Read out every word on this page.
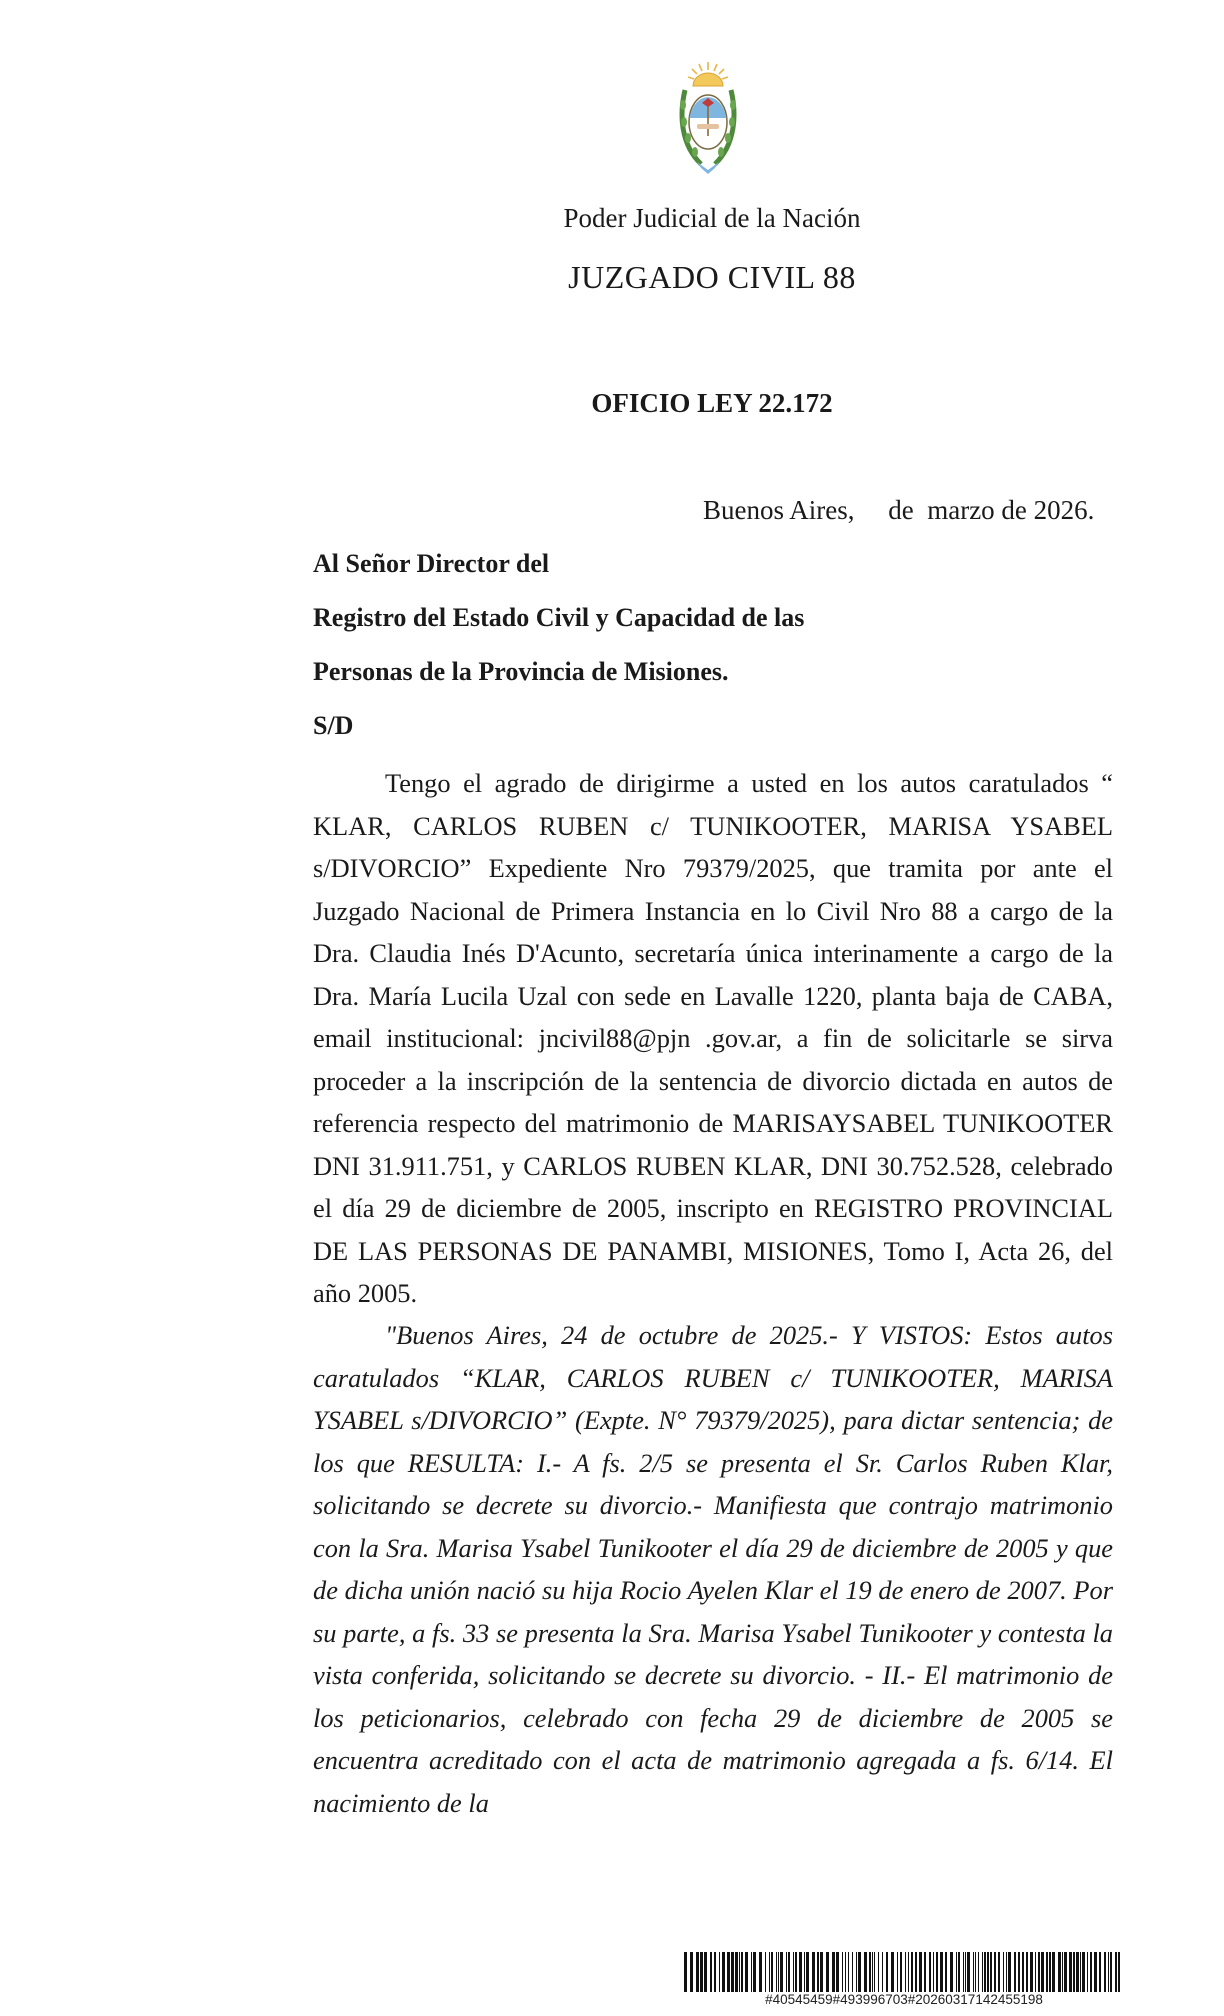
Poder Judicial de la Nación
JUZGADO CIVIL 88
OFICIO LEY 22.172
Buenos Aires,     de  marzo de 2026.
Al Señor Director del
Registro del Estado Civil y Capacidad de las
Personas de la Provincia de Misiones.
S/D

Tengo el agrado de dirigirme a usted en los autos caratulados “ KLAR, CARLOS RUBEN c/ TUNIKOOTER, MARISA YSABEL s/DIVORCIO” Expediente Nro 79379/2025, que tramita por ante el Juzgado Nacional de Primera Instancia en lo Civil Nro 88 a cargo de la Dra. Claudia Inés D'Acunto, secretaría única interinamente a cargo de la Dra. María Lucila Uzal con sede en Lavalle 1220, planta baja de CABA, email institucional: jncivil88@pjn .gov.ar, a fin de solicitarle se sirva proceder a la inscripción de la sentencia de divorcio dictada en autos de referencia respecto del matrimonio de MARISAYSABEL TUNIKOOTER DNI 31.911.751, y CARLOS RUBEN KLAR, DNI 30.752.528, celebrado el día 29 de diciembre de 2005, inscripto en REGISTRO PROVINCIAL DE LAS PERSONAS DE PANAMBI, MISIONES, Tomo I, Acta 26, del año 2005.

"Buenos Aires, 24 de octubre de 2025.- Y VISTOS: Estos autos caratulados “KLAR, CARLOS RUBEN c/ TUNIKOOTER, MARISA YSABEL s/DIVORCIO” (Expte. N° 79379/2025), para dictar sentencia; de los que RESULTA: I.- A fs. 2/5 se presenta el Sr. Carlos Ruben Klar, solicitando se decrete su divorcio.- Manifiesta que contrajo matrimonio con la Sra. Marisa Ysabel Tunikooter el día 29 de diciembre de 2005 y que de dicha unión nació su hija Rocio Ayelen Klar el 19 de enero de 2007. Por su parte, a fs. 33 se presenta la Sra. Marisa Ysabel Tunikooter y contesta la vista conferida, solicitando se decrete su divorcio. - II.- El matrimonio de los peticionarios, celebrado con fecha 29 de diciembre de 2005 se encuentra acreditado con el acta de matrimonio agregada a fs. 6/14. El nacimiento de la

#40545459#493996703#20260317142455198
